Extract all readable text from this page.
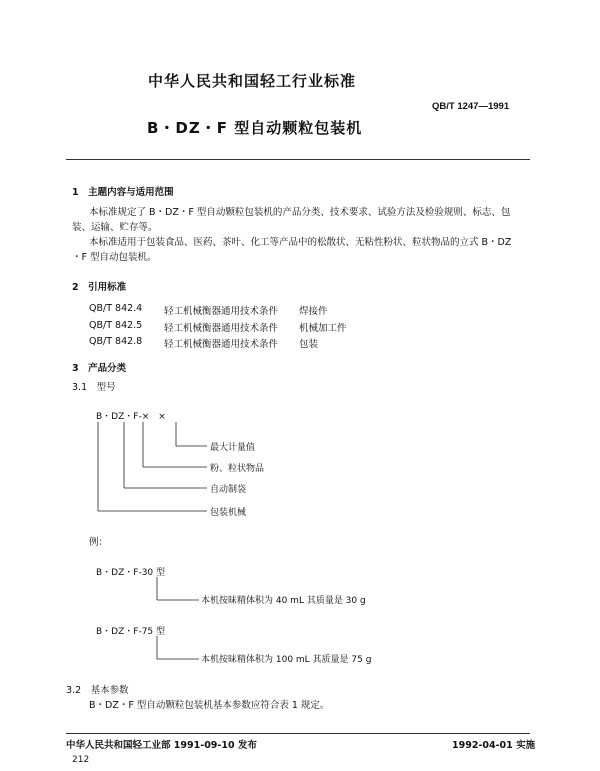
中华人民共和国轻工行业标准
QB/T 1247—1991
B・DZ・F 型自动颗粒包装机
1　主题内容与适用范围
本标准规定了 B・DZ・F 型自动颗粒包装机的产品分类、技术要求、试验方法及检验规则、标志、包
装、运输、贮存等。
本标准适用于包装食品、医药、茶叶、化工等产品中的松散状、无粘性粉状、粒状物品的立式 B・DZ
・F 型自动包装机。
2　引用标准
QB/T 842.4 轻工机械衡器通用技术条件 焊接件
QB/T 842.5 轻工机械衡器通用技术条件 机械加工件
QB/T 842.8 轻工机械衡器通用技术条件 包装
3　产品分类
3.1　型号
B・DZ・F-×　×
最大计量值
粉、粒状物品
自动制袋
包装机械
例：
B・DZ・F-30 型
本机按昧精体积为 40 mL 其质量是 30 g
B・DZ・F-75 型
本机按昧精体积为 100 mL 其质量是 75 g
3.2　基本参数
B・DZ・F 型自动颗粒包装机基本参数应符合表 1 规定。
中华人民共和国轻工业部 1991-09-10 发布	1992-04-01 实施
212
